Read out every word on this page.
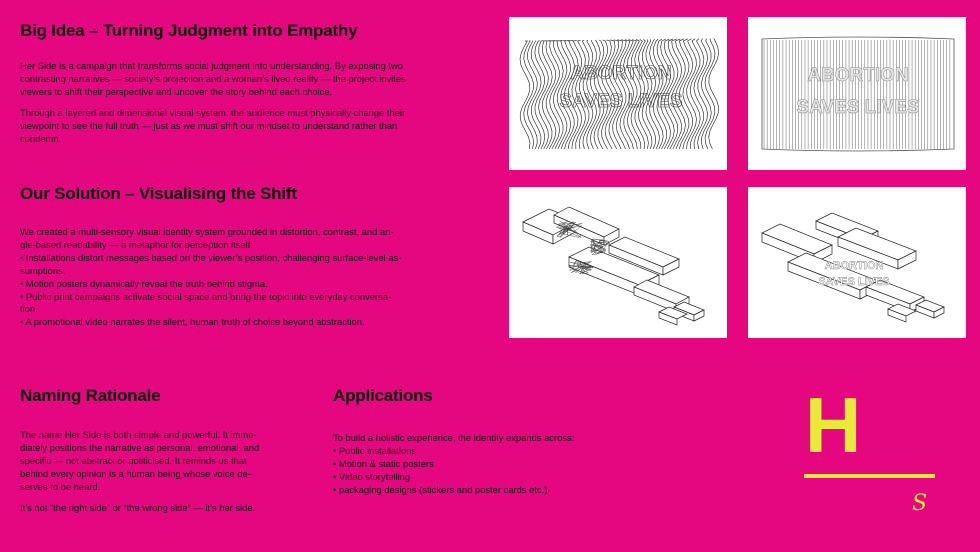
Big Idea – Turning Judgment into Empathy
Her Side is a campaign that transforms social judgment into understanding. By exposing two
contrasting narratives — society’s projection and a woman’s lived reality — the project invites
viewers to shift their perspective and uncover the story behind each choice.
Through a layered and dimensional visual system, the audience must physically change their
viewpoint to see the full truth — just as we must shift our mindset to understand rather than
condemn.
Our Solution – Visualising the Shift
We created a multi-sensory visual identity system grounded in distortion, contrast, and an-
gle-based readability — a metaphor for perception itself:
• Installations distort messages based on the viewer’s position, challenging surface-level as-
sumptions.
• Motion posters dynamically reveal the truth behind stigma.
• Public print campaigns activate social space and bring the topic into everyday conversa-
tion.
• A promotional video narrates the silent, human truth of choice beyond abstraction.
Naming Rationale
The name Her Side is both simple and powerful. It imme-
diately positions the narrative as personal, emotional, and
specific — not abstract or politicised. It reminds us that
behind every opinion is a human being whose voice de-
serves to be heard.
It’s not “the right side” or “the wrong side” — it’s her side.
Applications
To build a holistic experience, the identity expands across:
• Public installations
• Motion & static posters
• Video storytelling
• packaging designs (stickers and poster cards etc.)
ABORTION
SAVES LIVES
ABORTION
SAVES LIVES
ABORTION
SAVES LIVES
H
S
